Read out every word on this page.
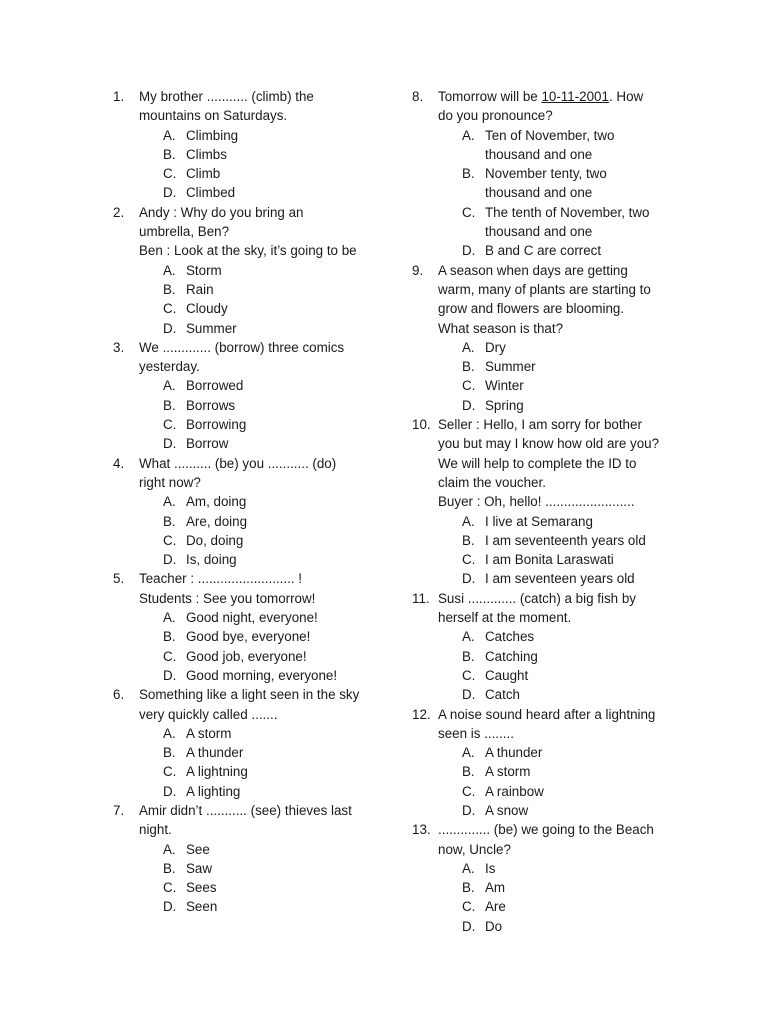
1.	My brother ........... (climb) the
mountains on Saturdays.
A. Climbing
B. Climbs
C. Climb
D. Climbed
2.	Andy : Why do you bring an
umbrella, Ben?
Ben : Look at the sky, it’s going to be
A. Storm
B. Rain
C. Cloudy
D. Summer
3.	We ............. (borrow) three comics
yesterday.
A. Borrowed
B. Borrows
C. Borrowing
D. Borrow
4.	What .......... (be) you ........... (do)
right now?
A. Am, doing
B. Are, doing
C. Do, doing
D. Is, doing
5.	Teacher : .......................... !
Students : See you tomorrow!
A. Good night, everyone!
B. Good bye, everyone!
C. Good job, everyone!
D. Good morning, everyone!
6.	Something like a light seen in the sky
very quickly called .......
A. A storm
B. A thunder
C. A lightning
D. A lighting
7.	Amir didn’t ........... (see) thieves last
night.
A. See
B. Saw
C. Sees
D. Seen
8.	Tomorrow will be 10-11-2001. How
do you pronounce?
A. Ten of November, two
thousand and one
B. November tenty, two
thousand and one
C. The tenth of November, two
thousand and one
D. B and C are correct
9.	A season when days are getting
warm, many of plants are starting to
grow and flowers are blooming.
What season is that?
A. Dry
B. Summer
C. Winter
D. Spring
10. Seller : Hello, I am sorry for bother
you but may I know how old are you?
We will help to complete the ID to
claim the voucher.
Buyer : Oh, hello! ........................
A. I live at Semarang
B. I am seventeenth years old
C. I am Bonita Laraswati
D. I am seventeen years old
11. Susi ............. (catch) a big fish by
herself at the moment.
A. Catches
B. Catching
C. Caught
D. Catch
12. A noise sound heard after a lightning
seen is ........
A. A thunder
B. A storm
C. A rainbow
D. A snow
13. .............. (be) we going to the Beach
now, Uncle?
A. Is
B. Am
C. Are
D. Do
